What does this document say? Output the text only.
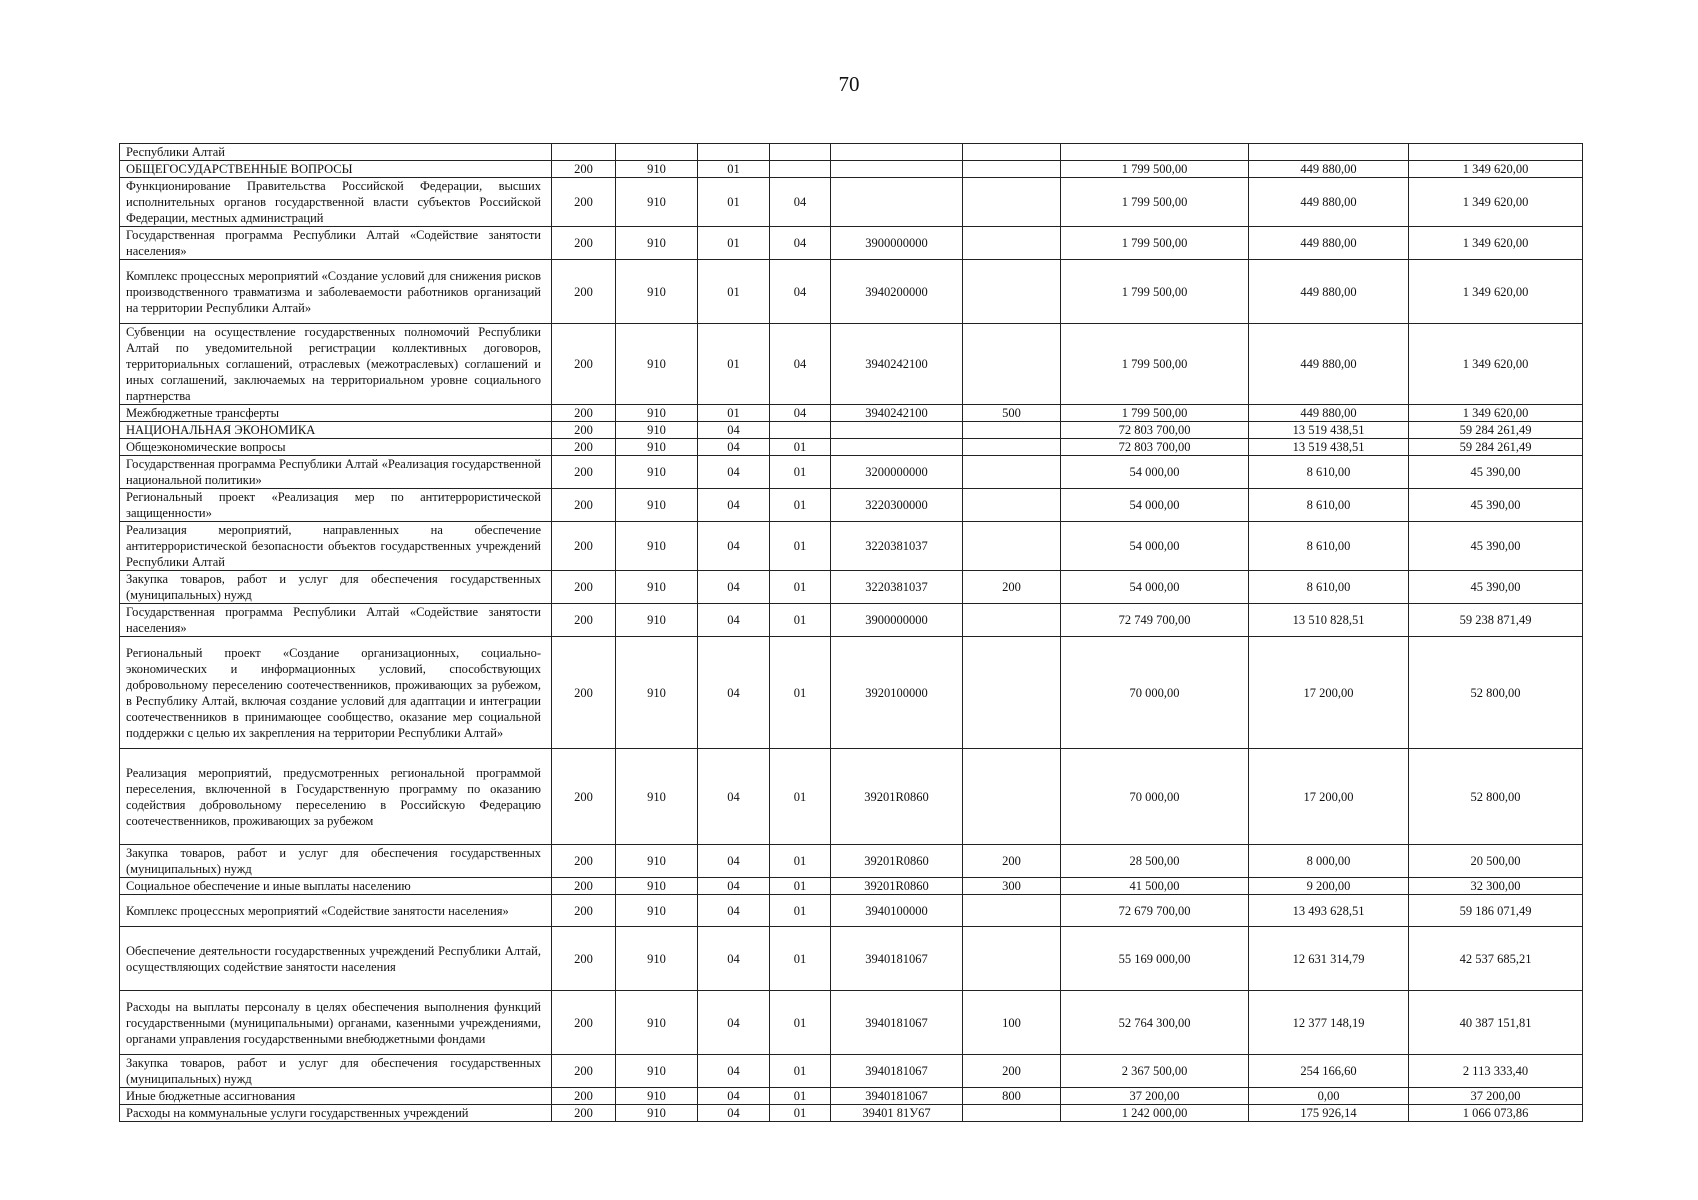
70
Республики Алтай									
ОБЩЕГОСУДАРСТВЕННЫЕ ВОПРОСЫ	200	910	01				1 799 500,00	449 880,00	1 349 620,00
Функционирование Правительства Российской Федерации, высших исполнительных органов государственной власти субъектов Российской Федерации, местных администраций	200	910	01	04			1 799 500,00	449 880,00	1 349 620,00
Государственная программа Республики Алтай «Содействие занятости населения»	200	910	01	04	3900000000		1 799 500,00	449 880,00	1 349 620,00
Комплекс процессных мероприятий «Создание условий для снижения рисков производственного травматизма и заболеваемости работников организаций на территории Республики Алтай»	200	910	01	04	3940200000		1 799 500,00	449 880,00	1 349 620,00
Субвенции на осуществление государственных полномочий Республики Алтай по уведомительной регистрации коллективных договоров, территориальных соглашений, отраслевых (межотраслевых) соглашений и иных соглашений, заключаемых на территориальном уровне социального партнерства	200	910	01	04	3940242100		1 799 500,00	449 880,00	1 349 620,00
Межбюджетные трансферты	200	910	01	04	3940242100	500	1 799 500,00	449 880,00	1 349 620,00
НАЦИОНАЛЬНАЯ ЭКОНОМИКА	200	910	04				72 803 700,00	13 519 438,51	59 284 261,49
Общеэкономические вопросы	200	910	04	01			72 803 700,00	13 519 438,51	59 284 261,49
Государственная программа Республики Алтай «Реализация государственной национальной политики»	200	910	04	01	3200000000		54 000,00	8 610,00	45 390,00
Региональный проект «Реализация мер по антитеррористической защищенности»	200	910	04	01	3220300000		54 000,00	8 610,00	45 390,00
Реализация мероприятий, направленных на обеспечение антитеррористической безопасности объектов государственных учреждений Республики Алтай	200	910	04	01	3220381037		54 000,00	8 610,00	45 390,00
Закупка товаров, работ и услуг для обеспечения государственных (муниципальных) нужд	200	910	04	01	3220381037	200	54 000,00	8 610,00	45 390,00
Государственная программа Республики Алтай «Содействие занятости населения»	200	910	04	01	3900000000		72 749 700,00	13 510 828,51	59 238 871,49
Региональный проект «Создание организационных, социально-экономических и информационных условий, способствующих добровольному переселению соотечественников, проживающих за рубежом, в Республику Алтай, включая создание условий для адаптации и интеграции соотечественников в принимающее сообщество, оказание мер социальной поддержки с целью их закрепления на территории Республики Алтай»	200	910	04	01	3920100000		70 000,00	17 200,00	52 800,00
Реализация мероприятий, предусмотренных региональной программой переселения, включенной в Государственную программу по оказанию содействия добровольному переселению в Российскую Федерацию соотечественников, проживающих за рубежом	200	910	04	01	39201R0860		70 000,00	17 200,00	52 800,00
Закупка товаров, работ и услуг для обеспечения государственных (муниципальных) нужд	200	910	04	01	39201R0860	200	28 500,00	8 000,00	20 500,00
Социальное обеспечение и иные выплаты населению	200	910	04	01	39201R0860	300	41 500,00	9 200,00	32 300,00
Комплекс процессных мероприятий «Содействие занятости населения»	200	910	04	01	3940100000		72 679 700,00	13 493 628,51	59 186 071,49
Обеспечение деятельности государственных учреждений Республики Алтай, осуществляющих содействие занятости населения	200	910	04	01	3940181067		55 169 000,00	12 631 314,79	42 537 685,21
Расходы на выплаты персоналу в целях обеспечения выполнения функций государственными (муниципальными) органами, казенными учреждениями, органами управления государственными внебюджетными фондами	200	910	04	01	3940181067	100	52 764 300,00	12 377 148,19	40 387 151,81
Закупка товаров, работ и услуг для обеспечения государственных (муниципальных) нужд	200	910	04	01	3940181067	200	2 367 500,00	254 166,60	2 113 333,40
Иные бюджетные ассигнования	200	910	04	01	3940181067	800	37 200,00	0,00	37 200,00
Расходы на коммунальные услуги государственных учреждений	200	910	04	01	39401 81У67		1 242 000,00	175 926,14	1 066 073,86
